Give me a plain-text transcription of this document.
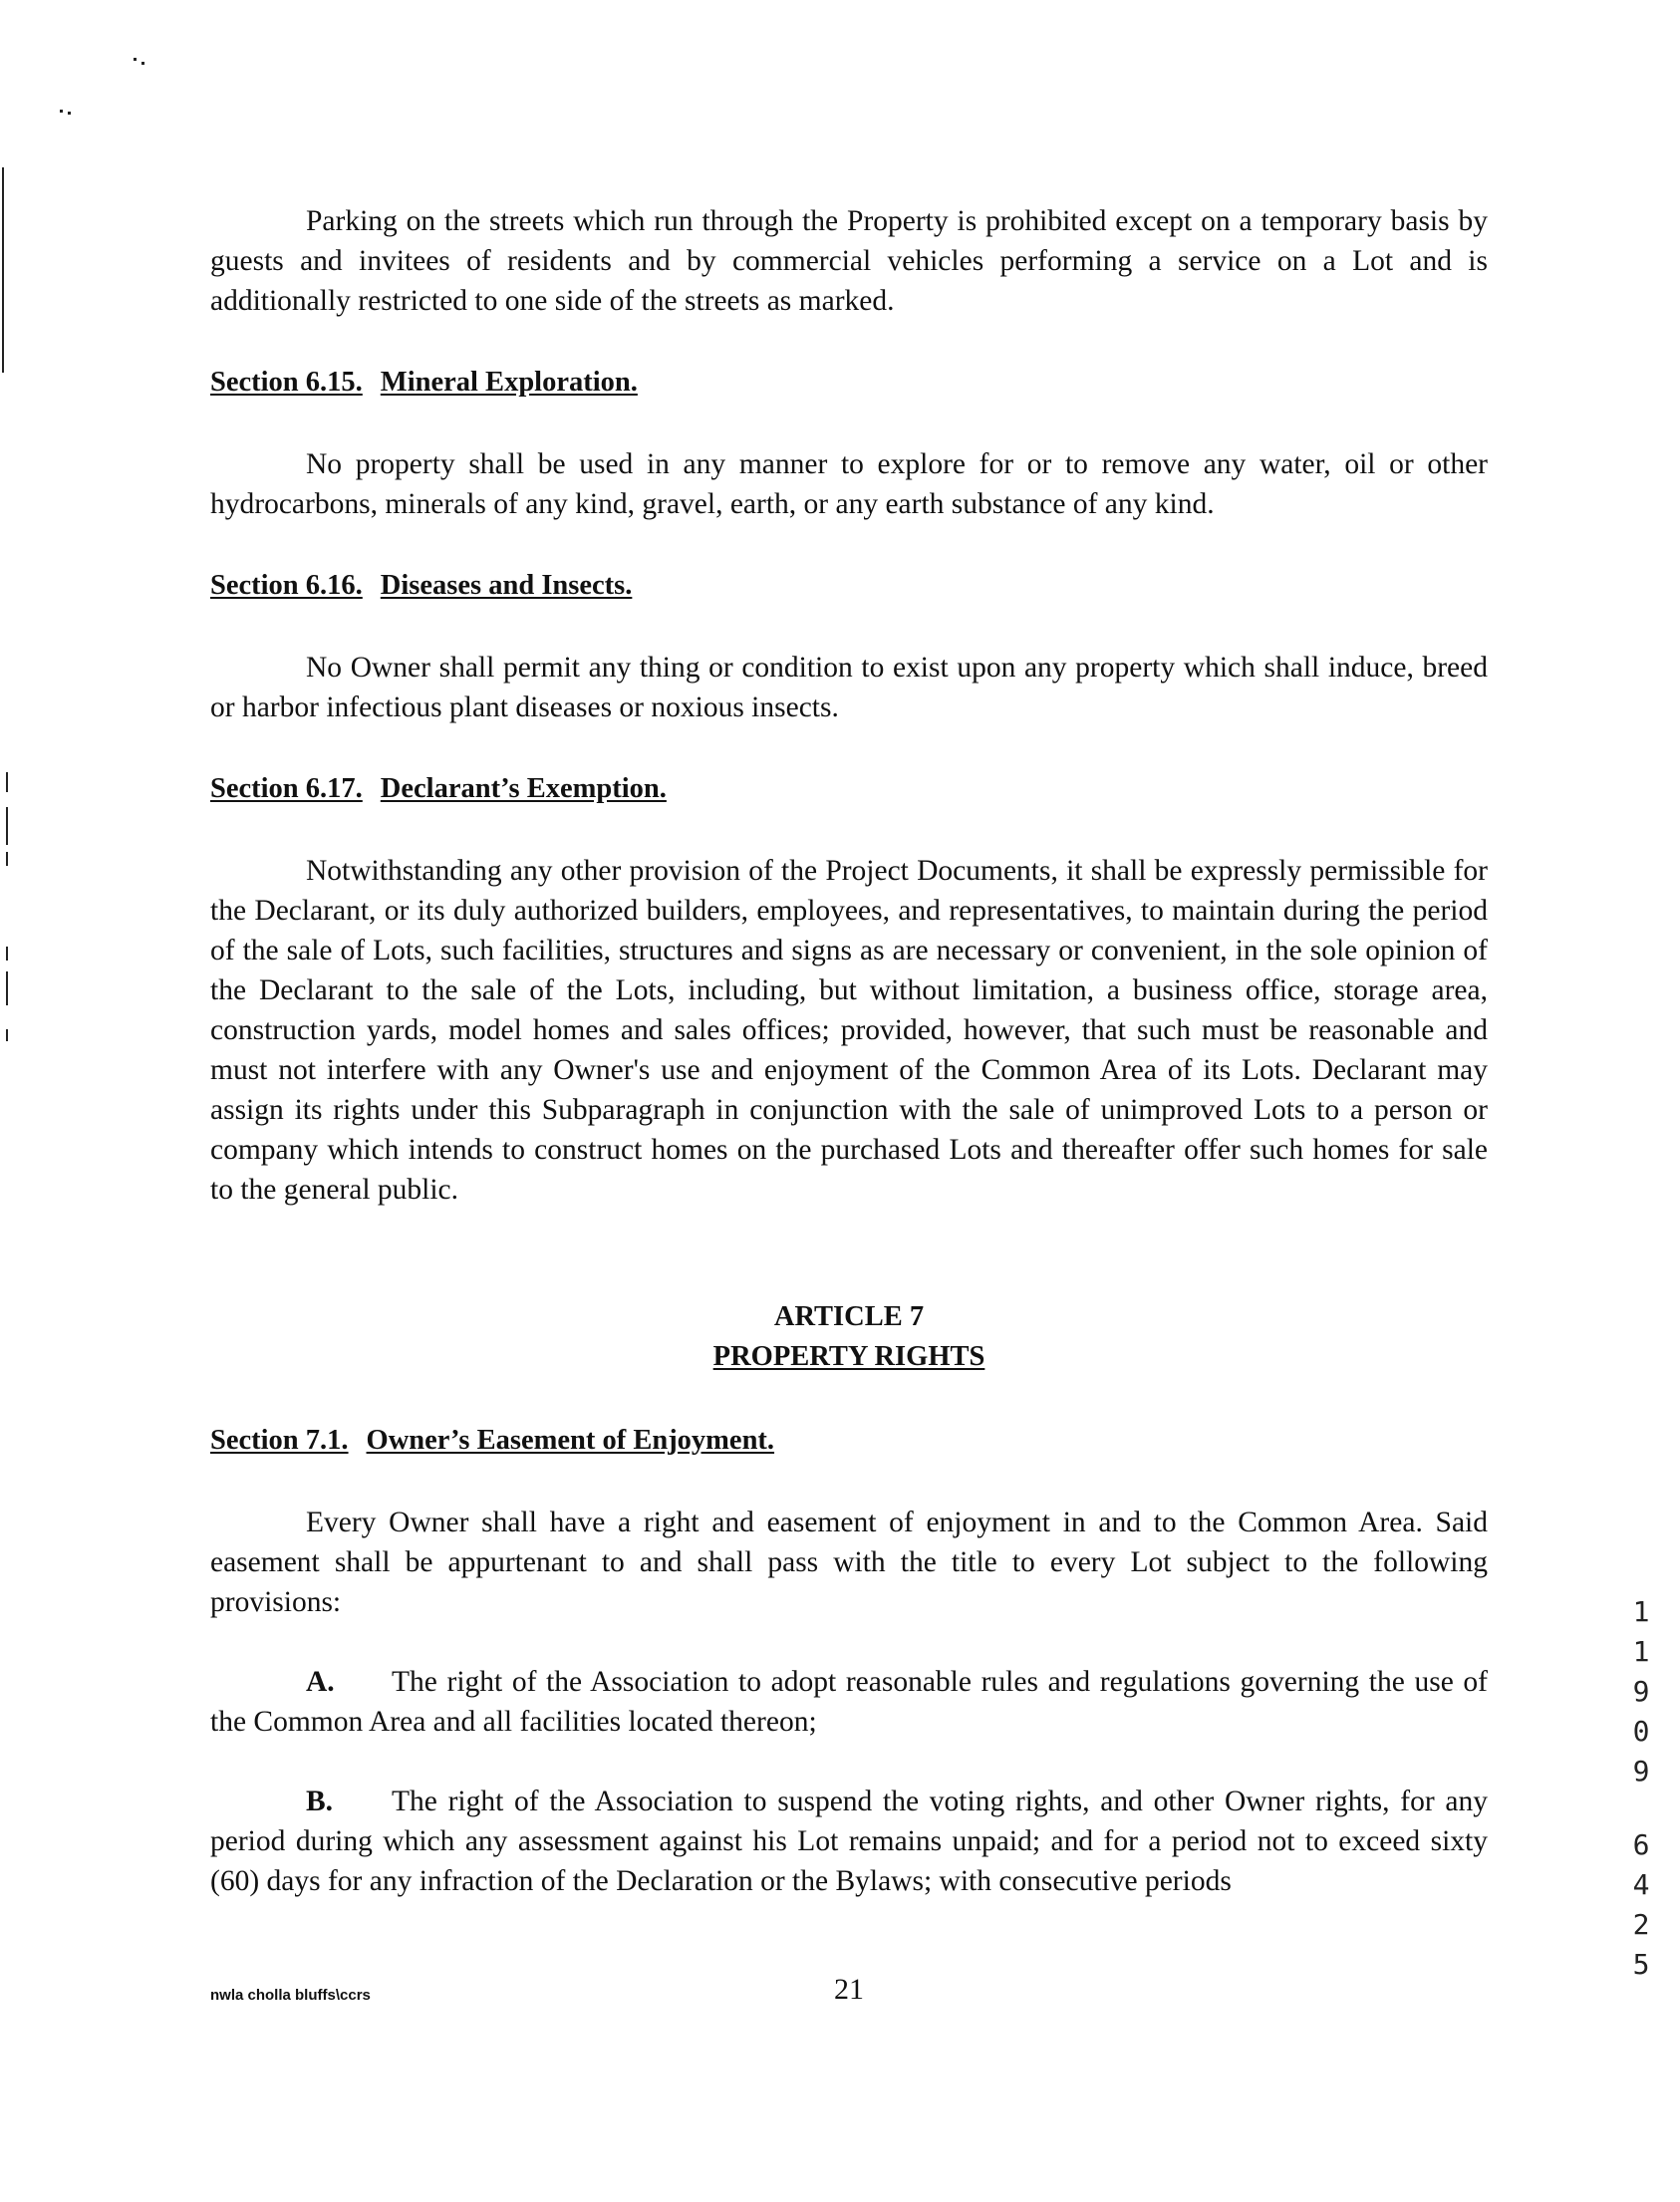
Parking on the streets which run through the Property is prohibited except on a temporary basis by guests and invitees of residents and by commercial vehicles performing a service on a Lot and is additionally restricted to one side of the streets as marked.

Section 6.15. Mineral Exploration.

No property shall be used in any manner to explore for or to remove any water, oil or other hydrocarbons, minerals of any kind, gravel, earth, or any earth substance of any kind.

Section 6.16. Diseases and Insects.

No Owner shall permit any thing or condition to exist upon any property which shall induce, breed or harbor infectious plant diseases or noxious insects.

Section 6.17. Declarant’s Exemption.

Notwithstanding any other provision of the Project Documents, it shall be expressly permissible for the Declarant, or its duly authorized builders, employees, and representatives, to maintain during the period of the sale of Lots, such facilities, structures and signs as are necessary or convenient, in the sole opinion of the Declarant to the sale of the Lots, including, but without limitation, a business office, storage area, construction yards, model homes and sales offices; provided, however, that such must be reasonable and must not interfere with any Owner's use and enjoyment of the Common Area of its Lots. Declarant may assign its rights under this Subparagraph in conjunction with the sale of unimproved Lots to a person or company which intends to construct homes on the purchased Lots and thereafter offer such homes for sale to the general public.

ARTICLE 7
PROPERTY RIGHTS
Section 7.1. Owner’s Easement of Enjoyment.

Every Owner shall have a right and easement of enjoyment in and to the Common Area. Said easement shall be appurtenant to and shall pass with the title to every Lot subject to the following provisions:

A. The right of the Association to adopt reasonable rules and regulations governing the use of the Common Area and all facilities located thereon;

B. The right of the Association to suspend the voting rights, and other Owner rights, for any period during which any assessment against his Lot remains unpaid; and for a period not to exceed sixty (60) days for any infraction of the Declaration or the Bylaws; with consecutive periods

1
1
9
0
9
6
4
2
5
nwla cholla bluffs\ccrs	21
